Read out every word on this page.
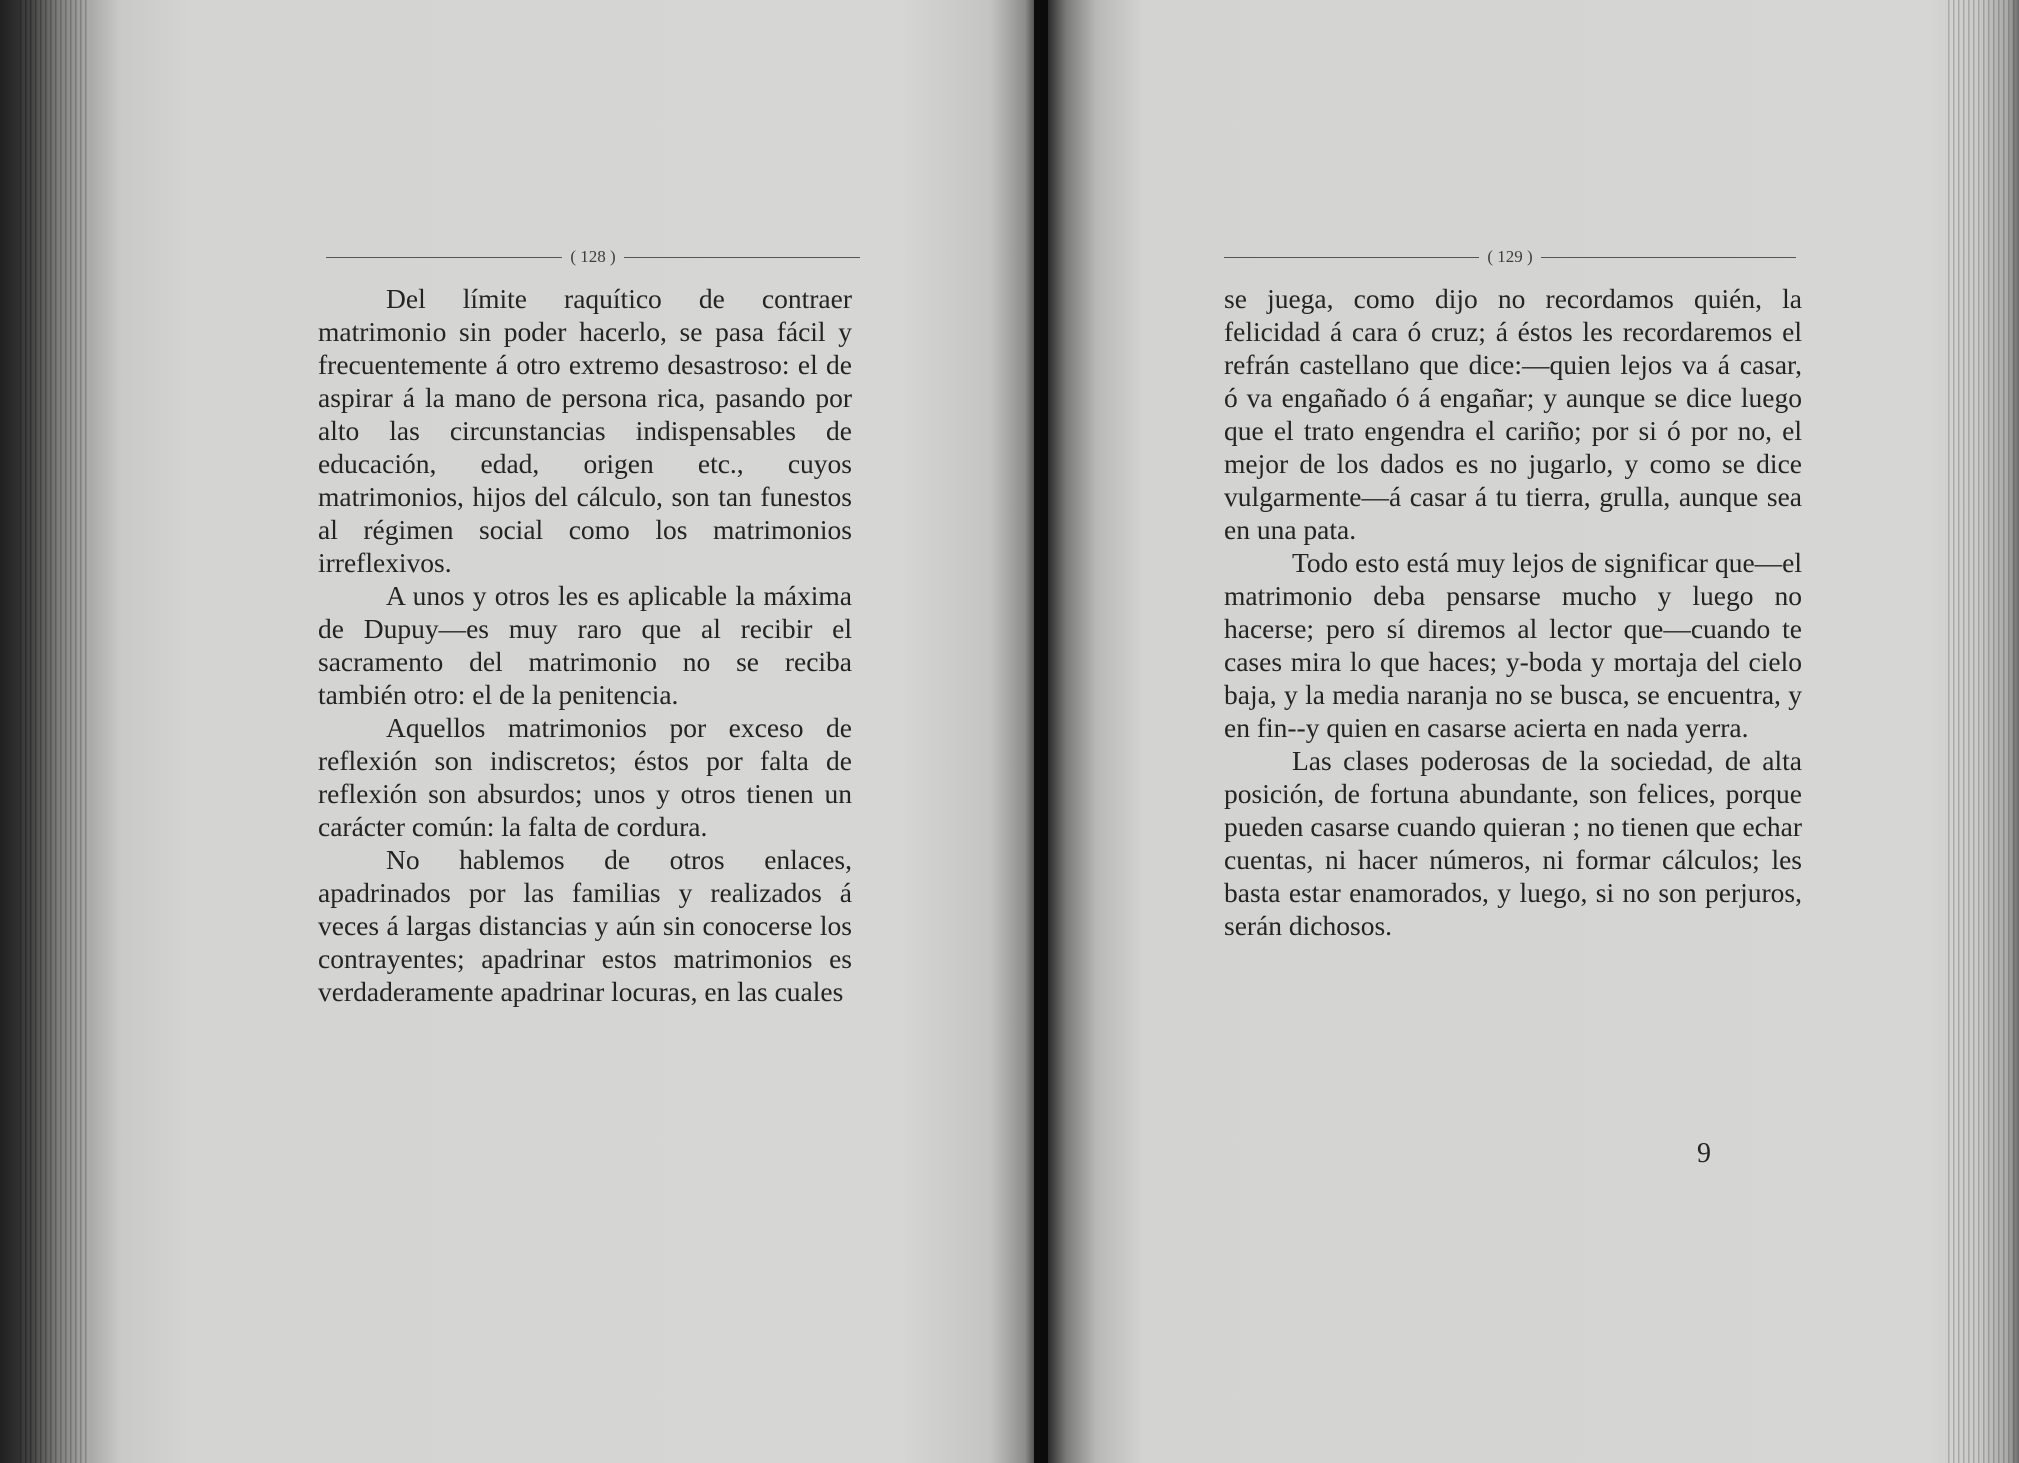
( 128 )

Del límite raquítico de contraer matrimonio sin poder hacerlo, se pasa fácil y frecuentemente á otro extremo desastroso: el de aspirar á la mano de persona rica, pasando por alto las circunstancias indispensables de educación, edad, origen etc., cuyos matrimonios, hijos del cálculo, son tan funestos al régimen social como los matrimonios irreflexivos.

A unos y otros les es aplicable la máxima de Dupuy—es muy raro que al recibir el sacramento del matrimonio no se reciba también otro: el de la penitencia.

Aquellos matrimonios por exceso de reflexión son indiscretos; éstos por falta de reflexión son absurdos; unos y otros tienen un carácter común: la falta de cordura.

No hablemos de otros enlaces, apadrinados por las familias y realizados á veces á largas distancias y aún sin conocerse los contrayentes; apadrinar estos matrimonios es verdaderamente apadrinar locuras, en las cuales

( 129 )

se juega, como dijo no recordamos quién, la felicidad á cara ó cruz; á éstos les recordaremos el refrán castellano que dice:—quien lejos va á casar, ó va engañado ó á engañar; y aunque se dice luego que el trato engendra el cariño; por si ó por no, el mejor de los dados es no jugarlo, y como se dice vulgarmente—á casar á tu tierra, grulla, aunque sea en una pata.

Todo esto está muy lejos de significar que—el matrimonio deba pensarse mucho y luego no hacerse; pero sí diremos al lector que—cuando te cases mira lo que haces; y-boda y mortaja del cielo baja, y la media naranja no se busca, se encuentra, y en fin--y quien en casarse acierta en nada yerra.

Las clases poderosas de la sociedad, de alta posición, de fortuna abundante, son felices, porque pueden casarse cuando quieran ; no tienen que echar cuentas, ni hacer números, ni formar cálculos; les basta estar enamorados, y luego, si no son perjuros, serán dichosos.

9
